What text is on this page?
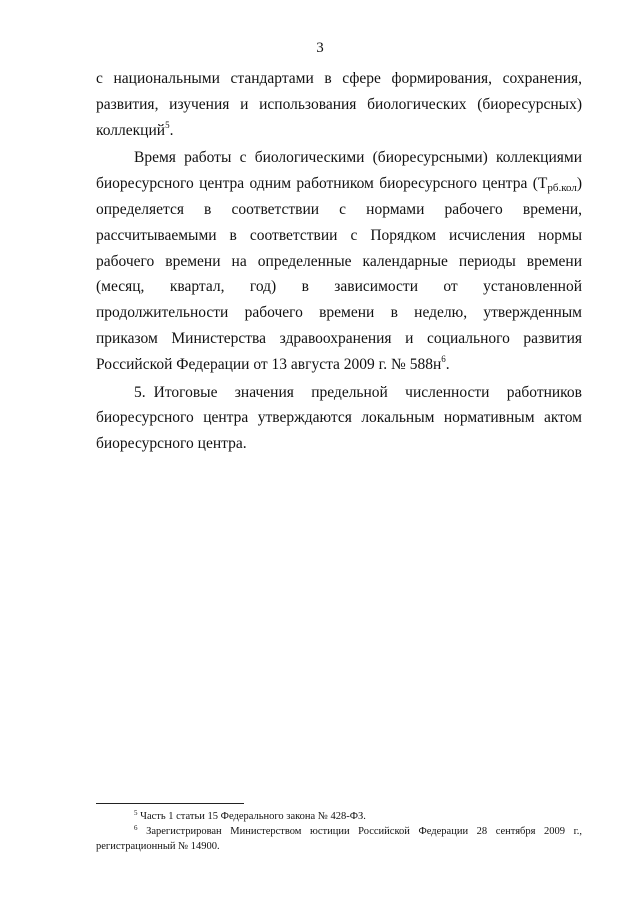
3

с национальными стандартами в сфере формирования, сохранения, развития, изучения и использования биологических (биоресурсных) коллекций$^5$.

Время работы с биологическими (биоресурсными) коллекциями биоресурсного центра одним работником биоресурсного центра $(T_{рб.кол})$ определяется в соответствии с нормами рабочего времени, рассчитываемыми в соответствии с Порядком исчисления нормы рабочего времени на определенные календарные периоды времени (месяц, квартал, год) в зависимости от установленной продолжительности рабочего времени в неделю, утвержденным приказом Министерства здравоохранения и социального развития Российской Федерации от 13 августа 2009 г. № $588н^6$.

5. Итоговые значения предельной численности работников биоресурсного центра утверждаются локальным нормативным актом биоресурсного центра.

$^5$ Часть 1 статьи 15 Федерального закона № 428-ФЗ.

$^6$ Зарегистрирован Министерством юстиции Российской Федерации 28 сентября 2009 г., регистрационный № 14900.
